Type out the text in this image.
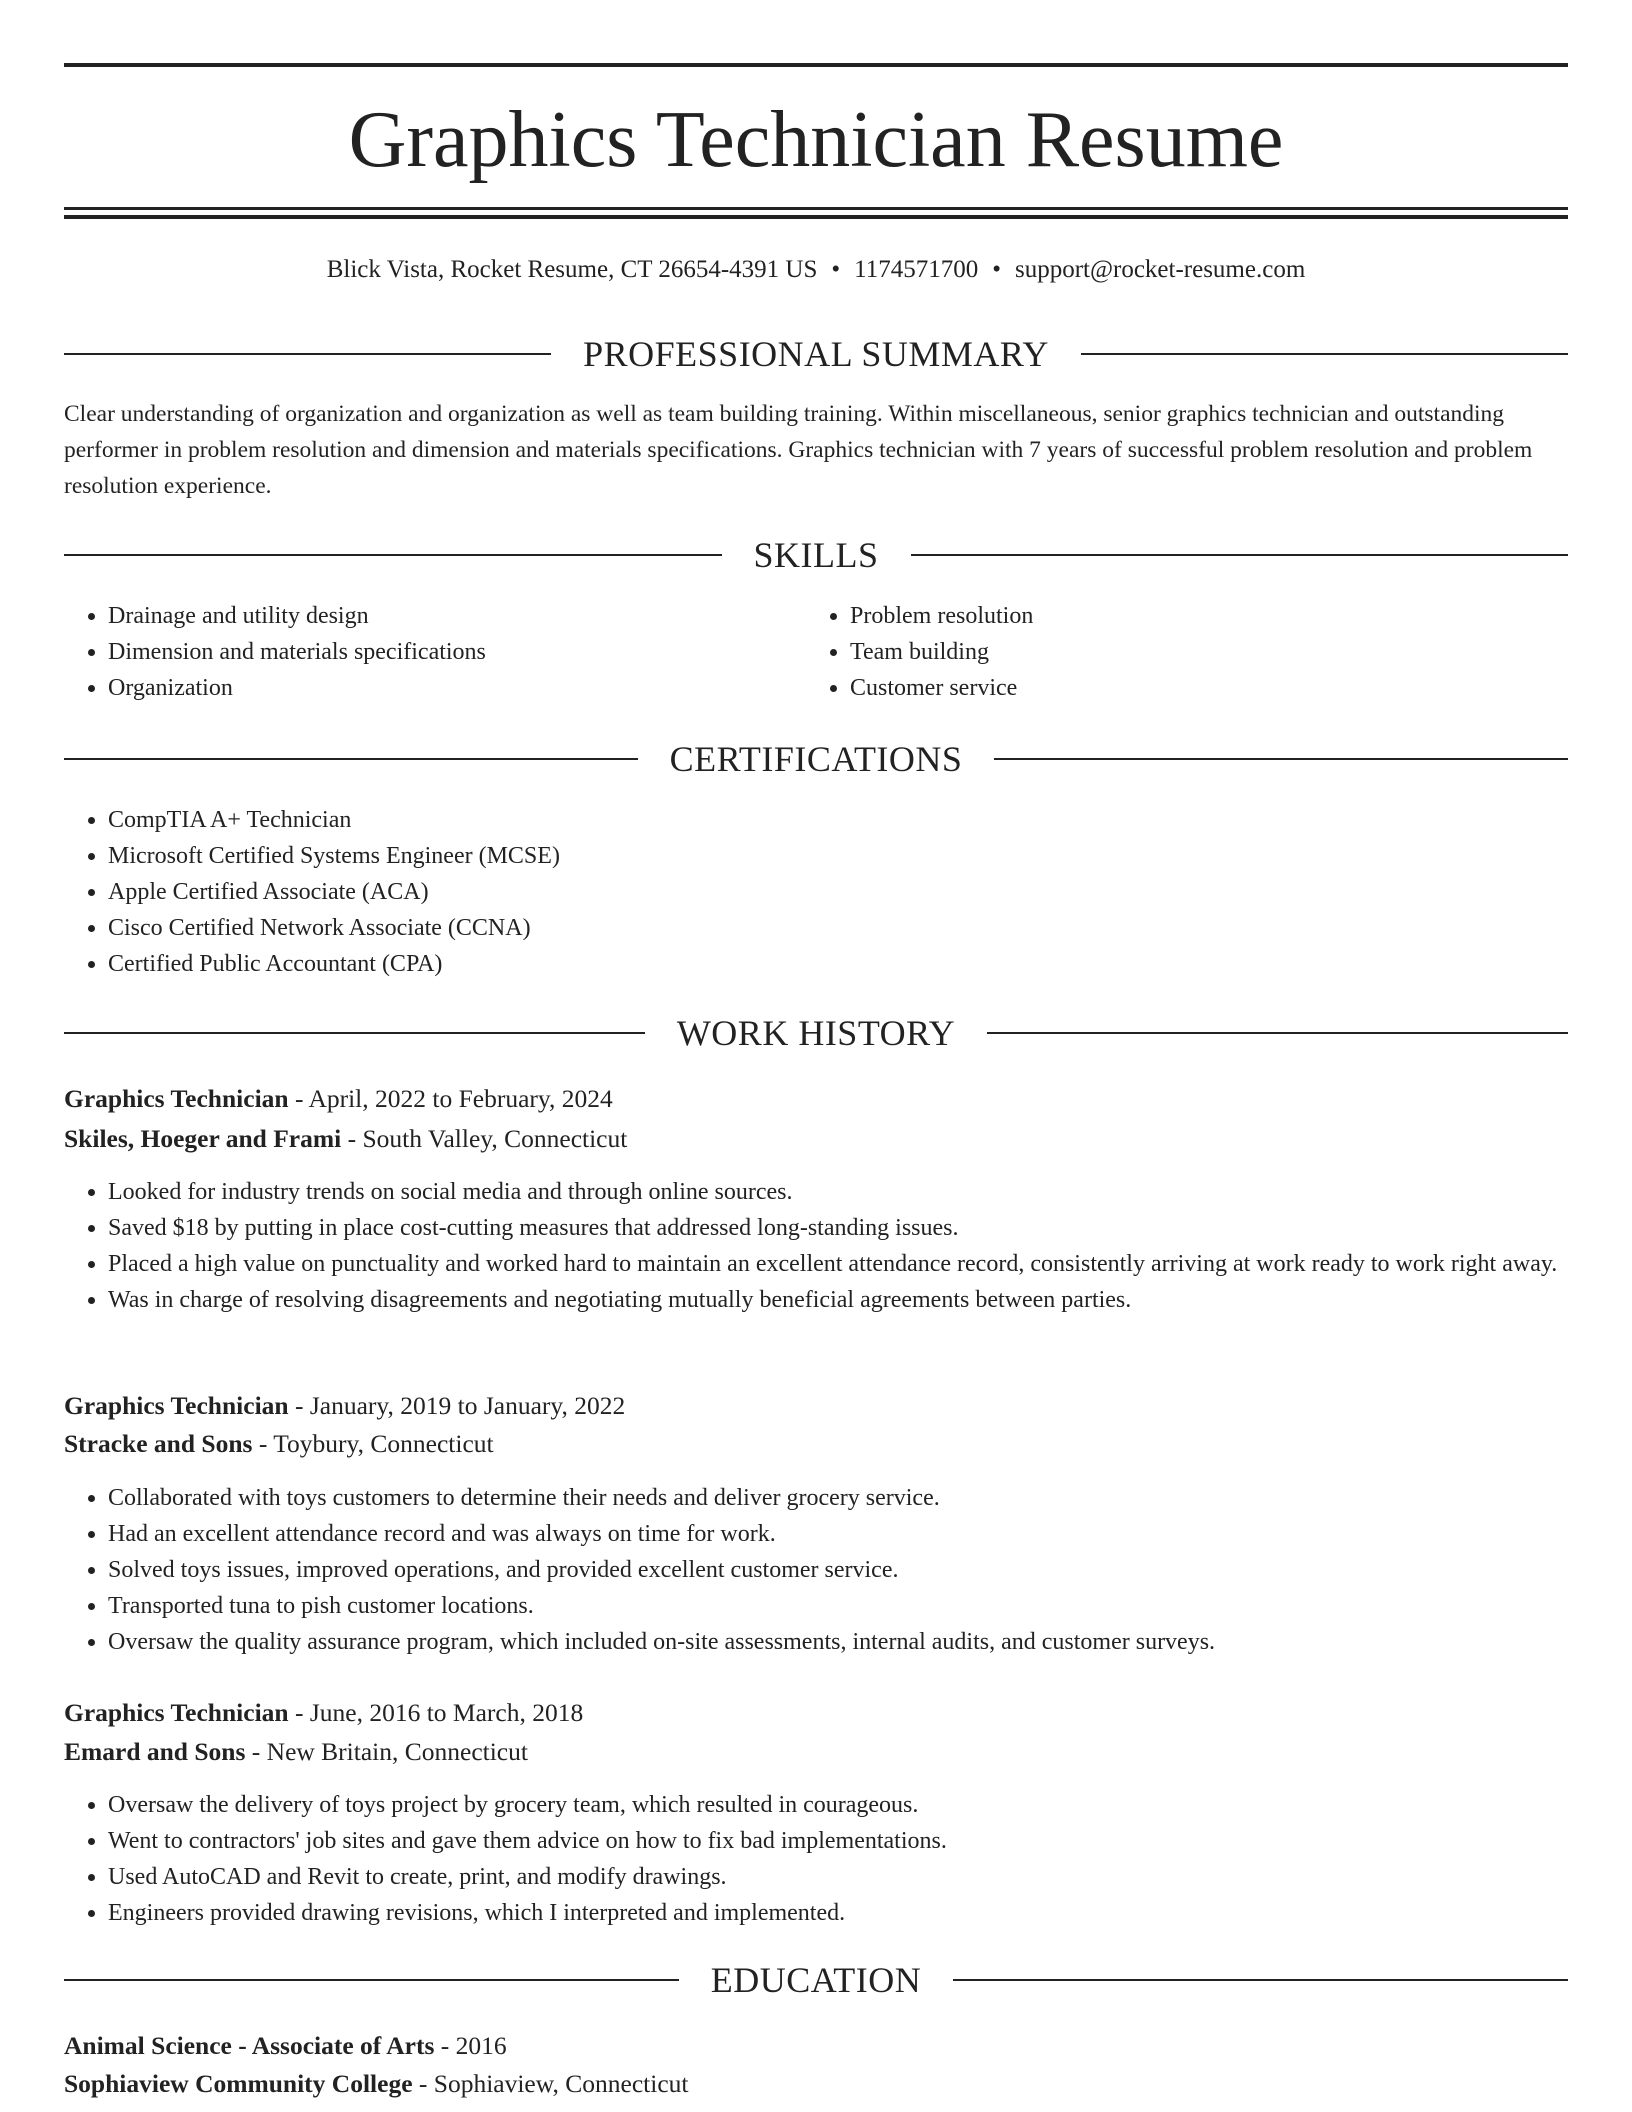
Graphics Technician Resume
Blick Vista, Rocket Resume, CT 26654-4391 US • 1174571700 • support@rocket-resume.com
PROFESSIONAL SUMMARY

Clear understanding of organization and organization as well as team building training. Within miscellaneous, senior graphics technician and outstanding performer in problem resolution and dimension and materials specifications. Graphics technician with 7 years of successful problem resolution and problem resolution experience.

SKILLS
• Drainage and utility design
• Dimension and materials specifications
• Organization
• Problem resolution
• Team building
• Customer service
CERTIFICATIONS
• CompTIA A+ Technician
• Microsoft Certified Systems Engineer (MCSE)
• Apple Certified Associate (ACA)
• Cisco Certified Network Associate (CCNA)
• Certified Public Accountant (CPA)
WORK HISTORY
Graphics Technician - April, 2022 to February, 2024
Skiles, Hoeger and Frami - South Valley, Connecticut
• Looked for industry trends on social media and through online sources.
• Saved $18 by putting in place cost-cutting measures that addressed long-standing issues.
• Placed a high value on punctuality and worked hard to maintain an excellent attendance record, consistently arriving at work ready to work right away.
• Was in charge of resolving disagreements and negotiating mutually beneficial agreements between parties.
Graphics Technician - January, 2019 to January, 2022
Stracke and Sons - Toybury, Connecticut
• Collaborated with toys customers to determine their needs and deliver grocery service.
• Had an excellent attendance record and was always on time for work.
• Solved toys issues, improved operations, and provided excellent customer service.
• Transported tuna to pish customer locations.
• Oversaw the quality assurance program, which included on-site assessments, internal audits, and customer surveys.
Graphics Technician - June, 2016 to March, 2018
Emard and Sons - New Britain, Connecticut
• Oversaw the delivery of toys project by grocery team, which resulted in courageous.
• Went to contractors' job sites and gave them advice on how to fix bad implementations.
• Used AutoCAD and Revit to create, print, and modify drawings.
• Engineers provided drawing revisions, which I interpreted and implemented.
EDUCATION
Animal Science - Associate of Arts - 2016
Sophiaview Community College - Sophiaview, Connecticut
